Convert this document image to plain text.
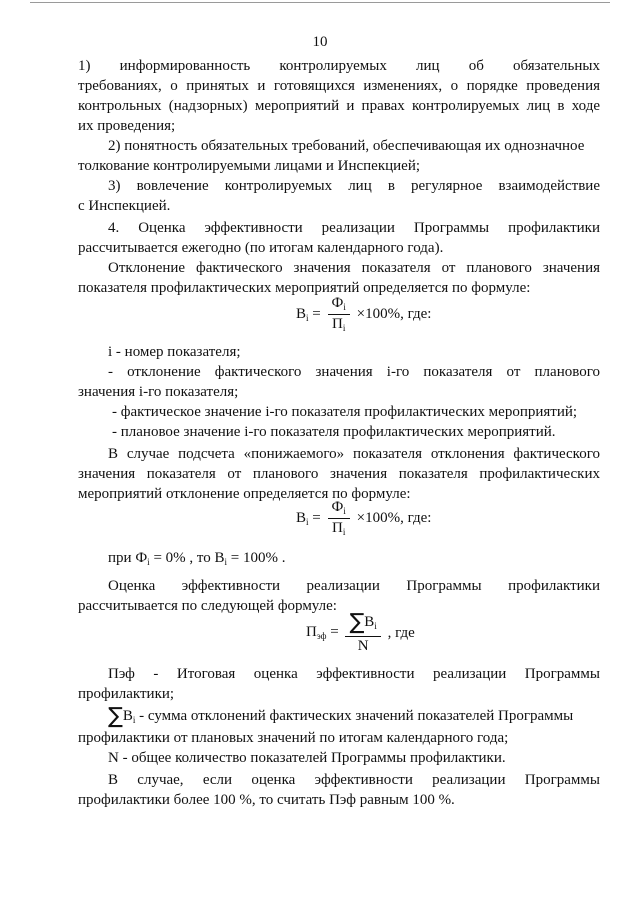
10
1) информированность контролируемых лиц об обязательных
требованиях, о принятых и готовящихся изменениях, о порядке проведения
контрольных (надзорных) мероприятий и правах контролируемых лиц в ходе
их проведения;
2) понятность обязательных требований, обеспечивающая их однозначное
толкование контролируемыми лицами и Инспекцией;
3) вовлечение контролируемых лиц в регулярное взаимодействие
с Инспекцией.
4. Оценка эффективности реализации Программы профилактики
рассчитывается ежегодно (по итогам календарного года).
Отклонение фактического значения показателя от планового значения
показателя профилактических мероприятий определяется по формуле:
$B_i = \frac{Ф_i}{П_i} \times 100\%$, где:
i - номер показателя;
- отклонение фактического значения i-го показателя от планового
значения i-го показателя;
- фактическое значение i-го показателя профилактических мероприятий;
- плановое значение i-го показателя профилактических мероприятий.
В случае подсчета «понижаемого» показателя отклонения фактического
значения показателя от планового значения показателя профилактических
мероприятий отклонение определяется по формуле:
$B_i = \frac{Ф_i}{П_i} \times 100\%$, где:
при $Ф_i = 0\%$ , то $B_i = 100\%$ .
Оценка эффективности реализации Программы профилактики
рассчитывается по следующей формуле:
$П_{эф} = \frac{\sum B_i}{N}$ , где
Пэф - Итоговая оценка эффективности реализации Программы
профилактики;
$\sum B_i$ - сумма отклонений фактических значений показателей Программы
профилактики от плановых значений по итогам календарного года;
N - общее количество показателей Программы профилактики.
В случае, если оценка эффективности реализации Программы
профилактики более 100 %, то считать Пэф равным 100 %.
